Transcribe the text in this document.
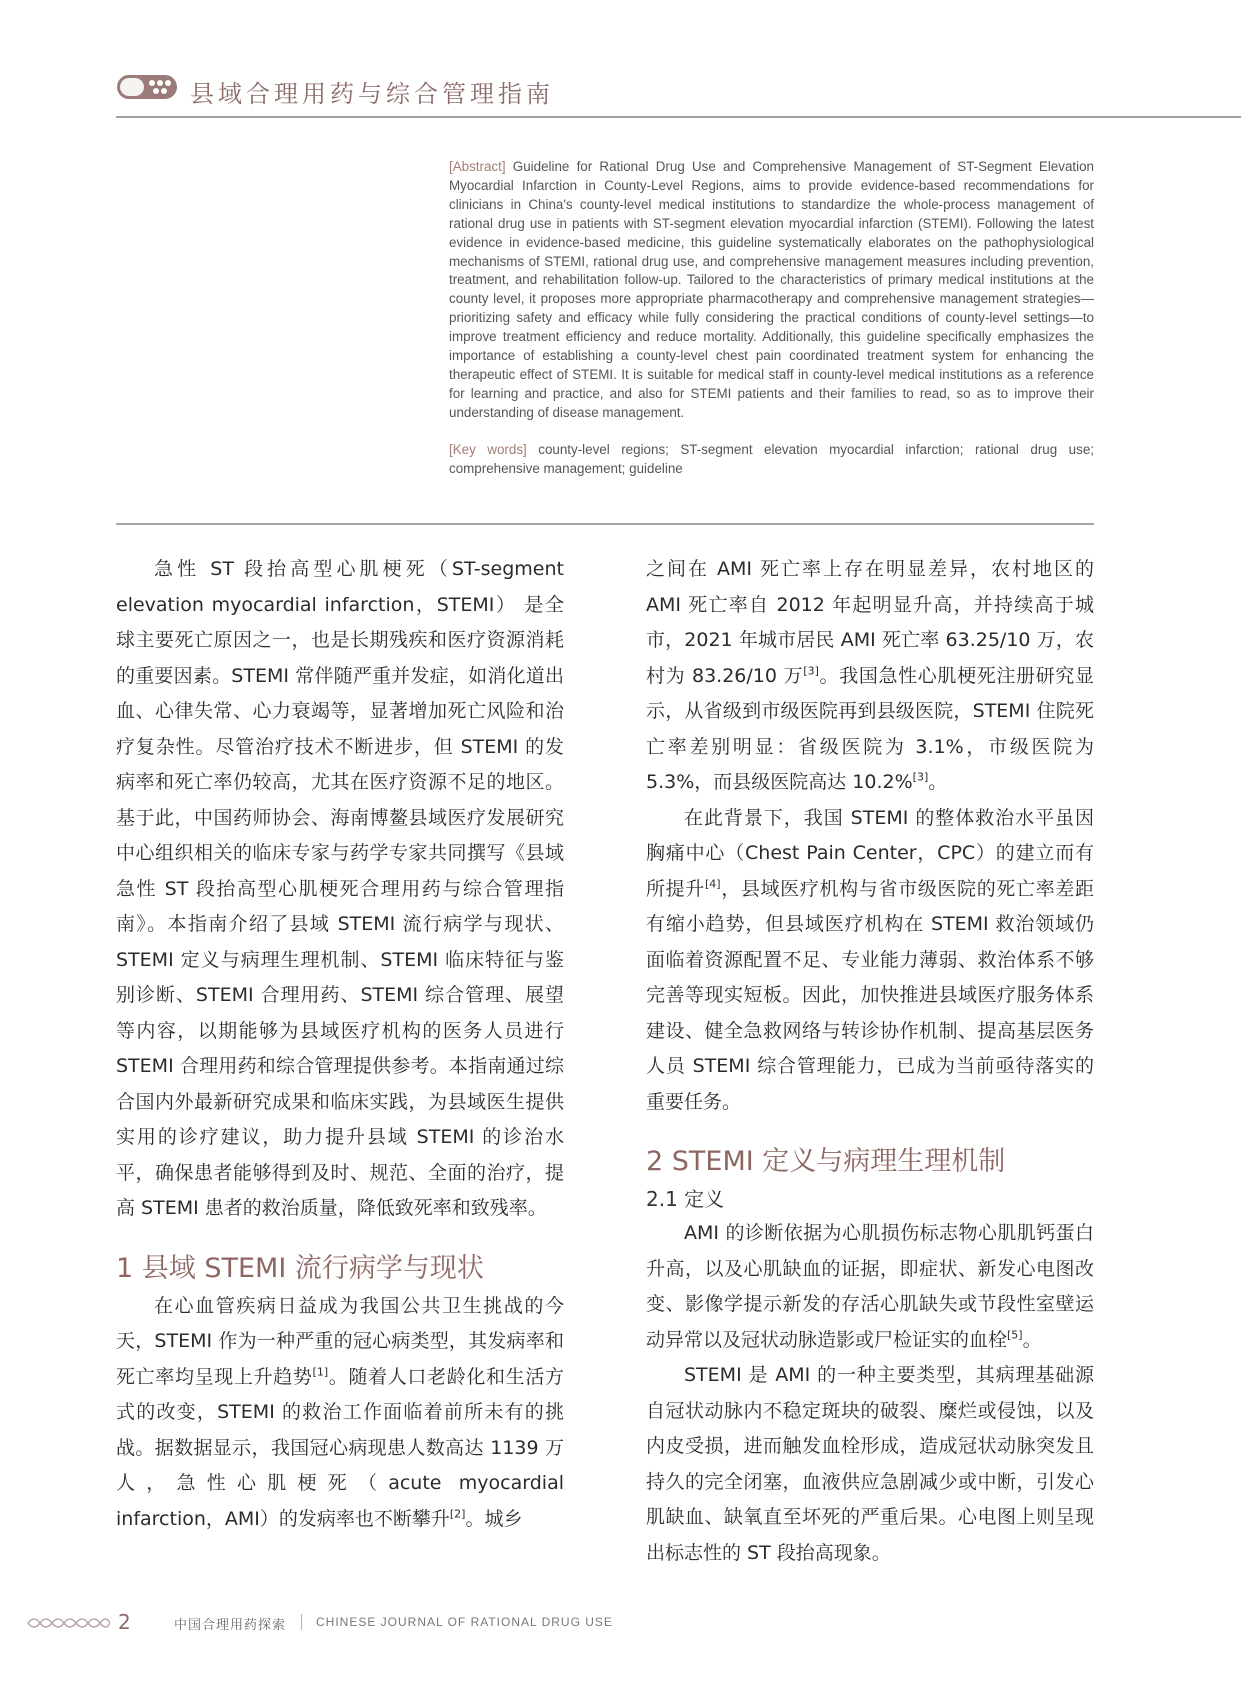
县域合理用药与综合管理指南

[Abstract] Guideline for Rational Drug Use and Comprehensive Management of ST-Segment Elevation Myocardial Infarction in County-Level Regions, aims to provide evidence-based recommendations for clinicians in China's county-level medical institutions to standardize the whole-process management of rational drug use in patients with ST-segment elevation myocardial infarction (STEMI). Following the latest evidence in evidence-based medicine, this guideline systematically elaborates on the pathophysiological mechanisms of STEMI, rational drug use, and comprehensive management measures including prevention, treatment, and rehabilitation follow-up. Tailored to the characteristics of primary medical institutions at the county level, it proposes more appropriate pharmacotherapy and comprehensive management strategies—prioritizing safety and efficacy while fully considering the practical conditions of county-level settings—to improve treatment efficiency and reduce mortality. Additionally, this guideline specifically emphasizes the importance of establishing a county-level chest pain coordinated treatment system for enhancing the therapeutic effect of STEMI. It is suitable for medical staff in county-level medical institutions as a reference for learning and practice, and also for STEMI patients and their families to read, so as to improve their understanding of disease management.

[Key words] county-level regions; ST-segment elevation myocardial infarction; rational drug use; comprehensive management; guideline

急性 ST 段抬高型心肌梗死（ST-segment elevation myocardial infarction，STEMI） 是全球主要死亡原因之一，也是长期残疾和医疗资源消耗的重要因素。STEMI 常伴随严重并发症，如消化道出血、心律失常、心力衰竭等，显著增加死亡风险和治疗复杂性。尽管治疗技术不断进步，但 STEMI 的发病率和死亡率仍较高，尤其在医疗资源不足的地区。基于此，中国药师协会、海南博鳌县域医疗发展研究中心组织相关的临床专家与药学专家共同撰写《县域急性 ST 段抬高型心肌梗死合理用药与综合管理指南》。本指南介绍了县域 STEMI 流行病学与现状、STEMI 定义与病理生理机制、STEMI 临床特征与鉴别诊断、STEMI 合理用药、STEMI 综合管理、展望等内容，以期能够为县域医疗机构的医务人员进行 STEMI 合理用药和综合管理提供参考。本指南通过综合国内外最新研究成果和临床实践，为县域医生提供实用的诊疗建议，助力提升县域 STEMI 的诊治水平，确保患者能够得到及时、规范、全面的治疗，提高 STEMI 患者的救治质量，降低致死率和致残率。

1 县域 STEMI 流行病学与现状

在心血管疾病日益成为我国公共卫生挑战的今天，STEMI 作为一种严重的冠心病类型，其发病率和死亡率均呈现上升趋势[1]。随着人口老龄化和生活方式的改变，STEMI 的救治工作面临着前所未有的挑战。据数据显示，我国冠心病现患人数高达 1139 万人，急性心肌梗死（acute myocardial infarction，AMI）的发病率也不断攀升[2]。城乡

之间在 AMI 死亡率上存在明显差异，农村地区的 AMI 死亡率自 2012 年起明显升高，并持续高于城市，2021 年城市居民 AMI 死亡率 63.25/10 万，农村为 83.26/10 万[3]。我国急性心肌梗死注册研究显示，从省级到市级医院再到县级医院，STEMI 住院死亡率差别明显：省级医院为 3.1%，市级医院为 5.3%，而县级医院高达 10.2%[3]。

在此背景下，我国 STEMI 的整体救治水平虽因胸痛中心（Chest Pain Center，CPC）的建立而有所提升[4]，县域医疗机构与省市级医院的死亡率差距有缩小趋势，但县域医疗机构在 STEMI 救治领域仍面临着资源配置不足、专业能力薄弱、救治体系不够完善等现实短板。因此，加快推进县域医疗服务体系建设、健全急救网络与转诊协作机制、提高基层医务人员 STEMI 综合管理能力，已成为当前亟待落实的重要任务。

2 STEMI 定义与病理生理机制
2.1 定义

AMI 的诊断依据为心肌损伤标志物心肌肌钙蛋白升高，以及心肌缺血的证据，即症状、新发心电图改变、影像学提示新发的存活心肌缺失或节段性室壁运动异常以及冠状动脉造影或尸检证实的血栓[5]。

STEMI 是 AMI 的一种主要类型，其病理基础源自冠状动脉内不稳定斑块的破裂、糜烂或侵蚀，以及内皮受损，进而触发血栓形成，造成冠状动脉突发且持久的完全闭塞，血液供应急剧减少或中断，引发心肌缺血、缺氧直至坏死的严重后果。心电图上则呈现出标志性的 ST 段抬高现象。

2	中国合理用药探索 CHINESE JOURNAL OF RATIONAL DRUG USE
